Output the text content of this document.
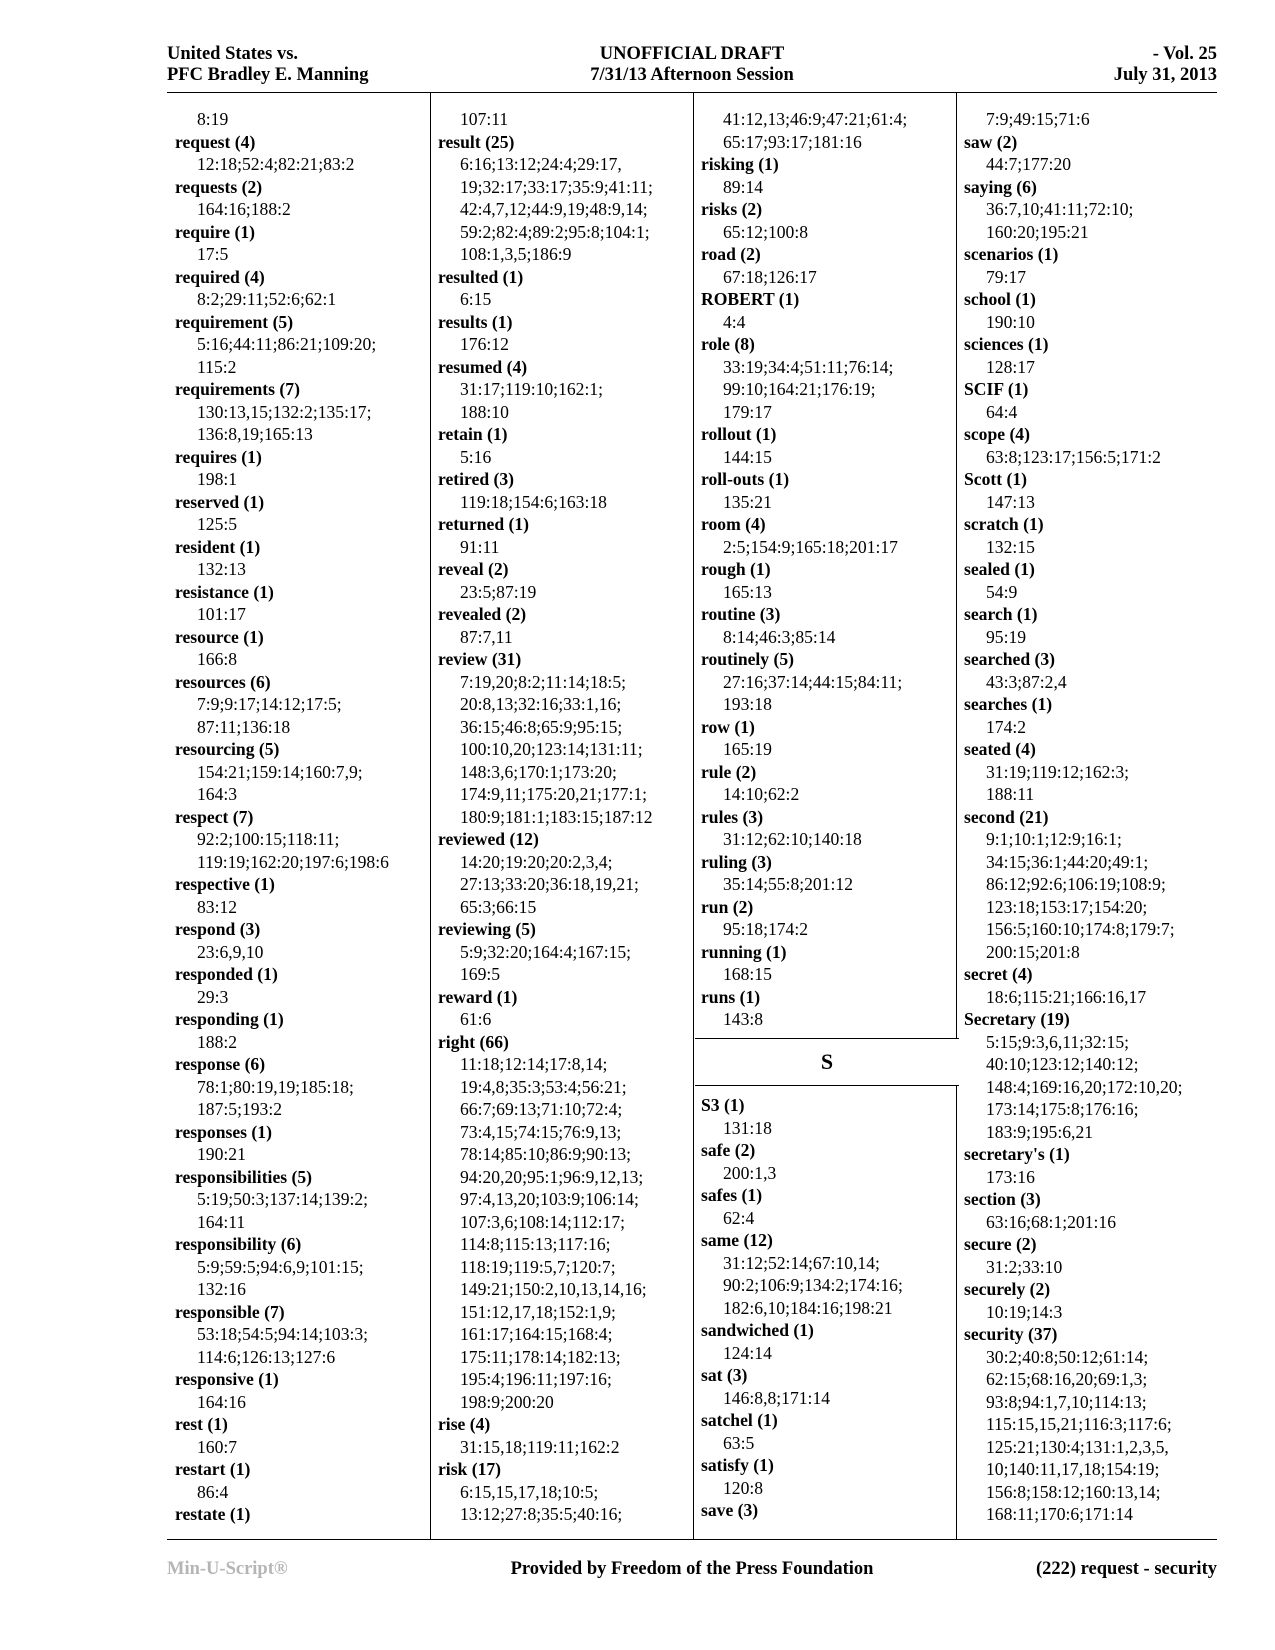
United States vs.
PFC Bradley E. Manning
UNOFFICIAL DRAFT
7/31/13 Afternoon Session
- Vol. 25
July 31, 2013
8:19
request (4)
12:18;52:4;82:21;83:2
requests (2)
164:16;188:2
require (1)
17:5
required (4)
8:2;29:11;52:6;62:1
requirement (5)
5:16;44:11;86:21;109:20;
115:2
requirements (7)
130:13,15;132:2;135:17;
136:8,19;165:13
requires (1)
198:1
reserved (1)
125:5
resident (1)
132:13
resistance (1)
101:17
resource (1)
166:8
resources (6)
7:9;9:17;14:12;17:5;
87:11;136:18
resourcing (5)
154:21;159:14;160:7,9;
164:3
respect (7)
92:2;100:15;118:11;
119:19;162:20;197:6;198:6
respective (1)
83:12
respond (3)
23:6,9,10
responded (1)
29:3
responding (1)
188:2
response (6)
78:1;80:19,19;185:18;
187:5;193:2
responses (1)
190:21
responsibilities (5)
5:19;50:3;137:14;139:2;
164:11
responsibility (6)
5:9;59:5;94:6,9;101:15;
132:16
responsible (7)
53:18;54:5;94:14;103:3;
114:6;126:13;127:6
responsive (1)
164:16
rest (1)
160:7
restart (1)
86:4
restate (1)
107:11
result (25)
6:16;13:12;24:4;29:17,
19;32:17;33:17;35:9;41:11;
42:4,7,12;44:9,19;48:9,14;
59:2;82:4;89:2;95:8;104:1;
108:1,3,5;186:9
resulted (1)
6:15
results (1)
176:12
resumed (4)
31:17;119:10;162:1;
188:10
retain (1)
5:16
retired (3)
119:18;154:6;163:18
returned (1)
91:11
reveal (2)
23:5;87:19
revealed (2)
87:7,11
review (31)
7:19,20;8:2;11:14;18:5;
20:8,13;32:16;33:1,16;
36:15;46:8;65:9;95:15;
100:10,20;123:14;131:11;
148:3,6;170:1;173:20;
174:9,11;175:20,21;177:1;
180:9;181:1;183:15;187:12
reviewed (12)
14:20;19:20;20:2,3,4;
27:13;33:20;36:18,19,21;
65:3;66:15
reviewing (5)
5:9;32:20;164:4;167:15;
169:5
reward (1)
61:6
right (66)
11:18;12:14;17:8,14;
19:4,8;35:3;53:4;56:21;
66:7;69:13;71:10;72:4;
73:4,15;74:15;76:9,13;
78:14;85:10;86:9;90:13;
94:20,20;95:1;96:9,12,13;
97:4,13,20;103:9;106:14;
107:3,6;108:14;112:17;
114:8;115:13;117:16;
118:19;119:5,7;120:7;
149:21;150:2,10,13,14,16;
151:12,17,18;152:1,9;
161:17;164:15;168:4;
175:11;178:14;182:13;
195:4;196:11;197:16;
198:9;200:20
rise (4)
31:15,18;119:11;162:2
risk (17)
6:15,15,17,18;10:5;
13:12;27:8;35:5;40:16;
41:12,13;46:9;47:21;61:4;
65:17;93:17;181:16
risking (1)
89:14
risks (2)
65:12;100:8
road (2)
67:18;126:17
ROBERT (1)
4:4
role (8)
33:19;34:4;51:11;76:14;
99:10;164:21;176:19;
179:17
rollout (1)
144:15
roll-outs (1)
135:21
room (4)
2:5;154:9;165:18;201:17
rough (1)
165:13
routine (3)
8:14;46:3;85:14
routinely (5)
27:16;37:14;44:15;84:11;
193:18
row (1)
165:19
rule (2)
14:10;62:2
rules (3)
31:12;62:10;140:18
ruling (3)
35:14;55:8;201:12
run (2)
95:18;174:2
running (1)
168:15
runs (1)
143:8
7:9;49:15;71:6
saw (2)
44:7;177:20
saying (6)
36:7,10;41:11;72:10;
160:20;195:21
scenarios (1)
79:17
school (1)
190:10
sciences (1)
128:17
SCIF (1)
64:4
scope (4)
63:8;123:17;156:5;171:2
Scott (1)
147:13
scratch (1)
132:15
sealed (1)
54:9
search (1)
95:19
searched (3)
43:3;87:2,4
searches (1)
174:2
seated (4)
31:19;119:12;162:3;
188:11
second (21)
9:1;10:1;12:9;16:1;
34:15;36:1;44:20;49:1;
86:12;92:6;106:19;108:9;
123:18;153:17;154:20;
156:5;160:10;174:8;179:7;
200:15;201:8
secret (4)
18:6;115:21;166:16,17
Secretary (19)
5:15;9:3,6,11;32:15;
40:10;123:12;140:12;
148:4;169:16,20;172:10,20;
173:14;175:8;176:16;
183:9;195:6,21
secretary's (1)
173:16
section (3)
63:16;68:1;201:16
secure (2)
31:2;33:10
securely (2)
10:19;14:3
security (37)
30:2;40:8;50:12;61:14;
62:15;68:16,20;69:1,3;
93:8;94:1,7,10;114:13;
115:15,15,21;116:3;117:6;
125:21;130:4;131:1,2,3,5,
10;140:11,17,18;154:19;
156:8;158:12;160:13,14;
168:11;170:6;171:14
S
S3 (1)
131:18
safe (2)
200:1,3
safes (1)
62:4
same (12)
31:12;52:14;67:10,14;
90:2;106:9;134:2;174:16;
182:6,10;184:16;198:21
sandwiched (1)
124:14
sat (3)
146:8,8;171:14
satchel (1)
63:5
satisfy (1)
120:8
save (3)
Min-U-Script®	Provided by Freedom of the Press Foundation	(222) request - security
